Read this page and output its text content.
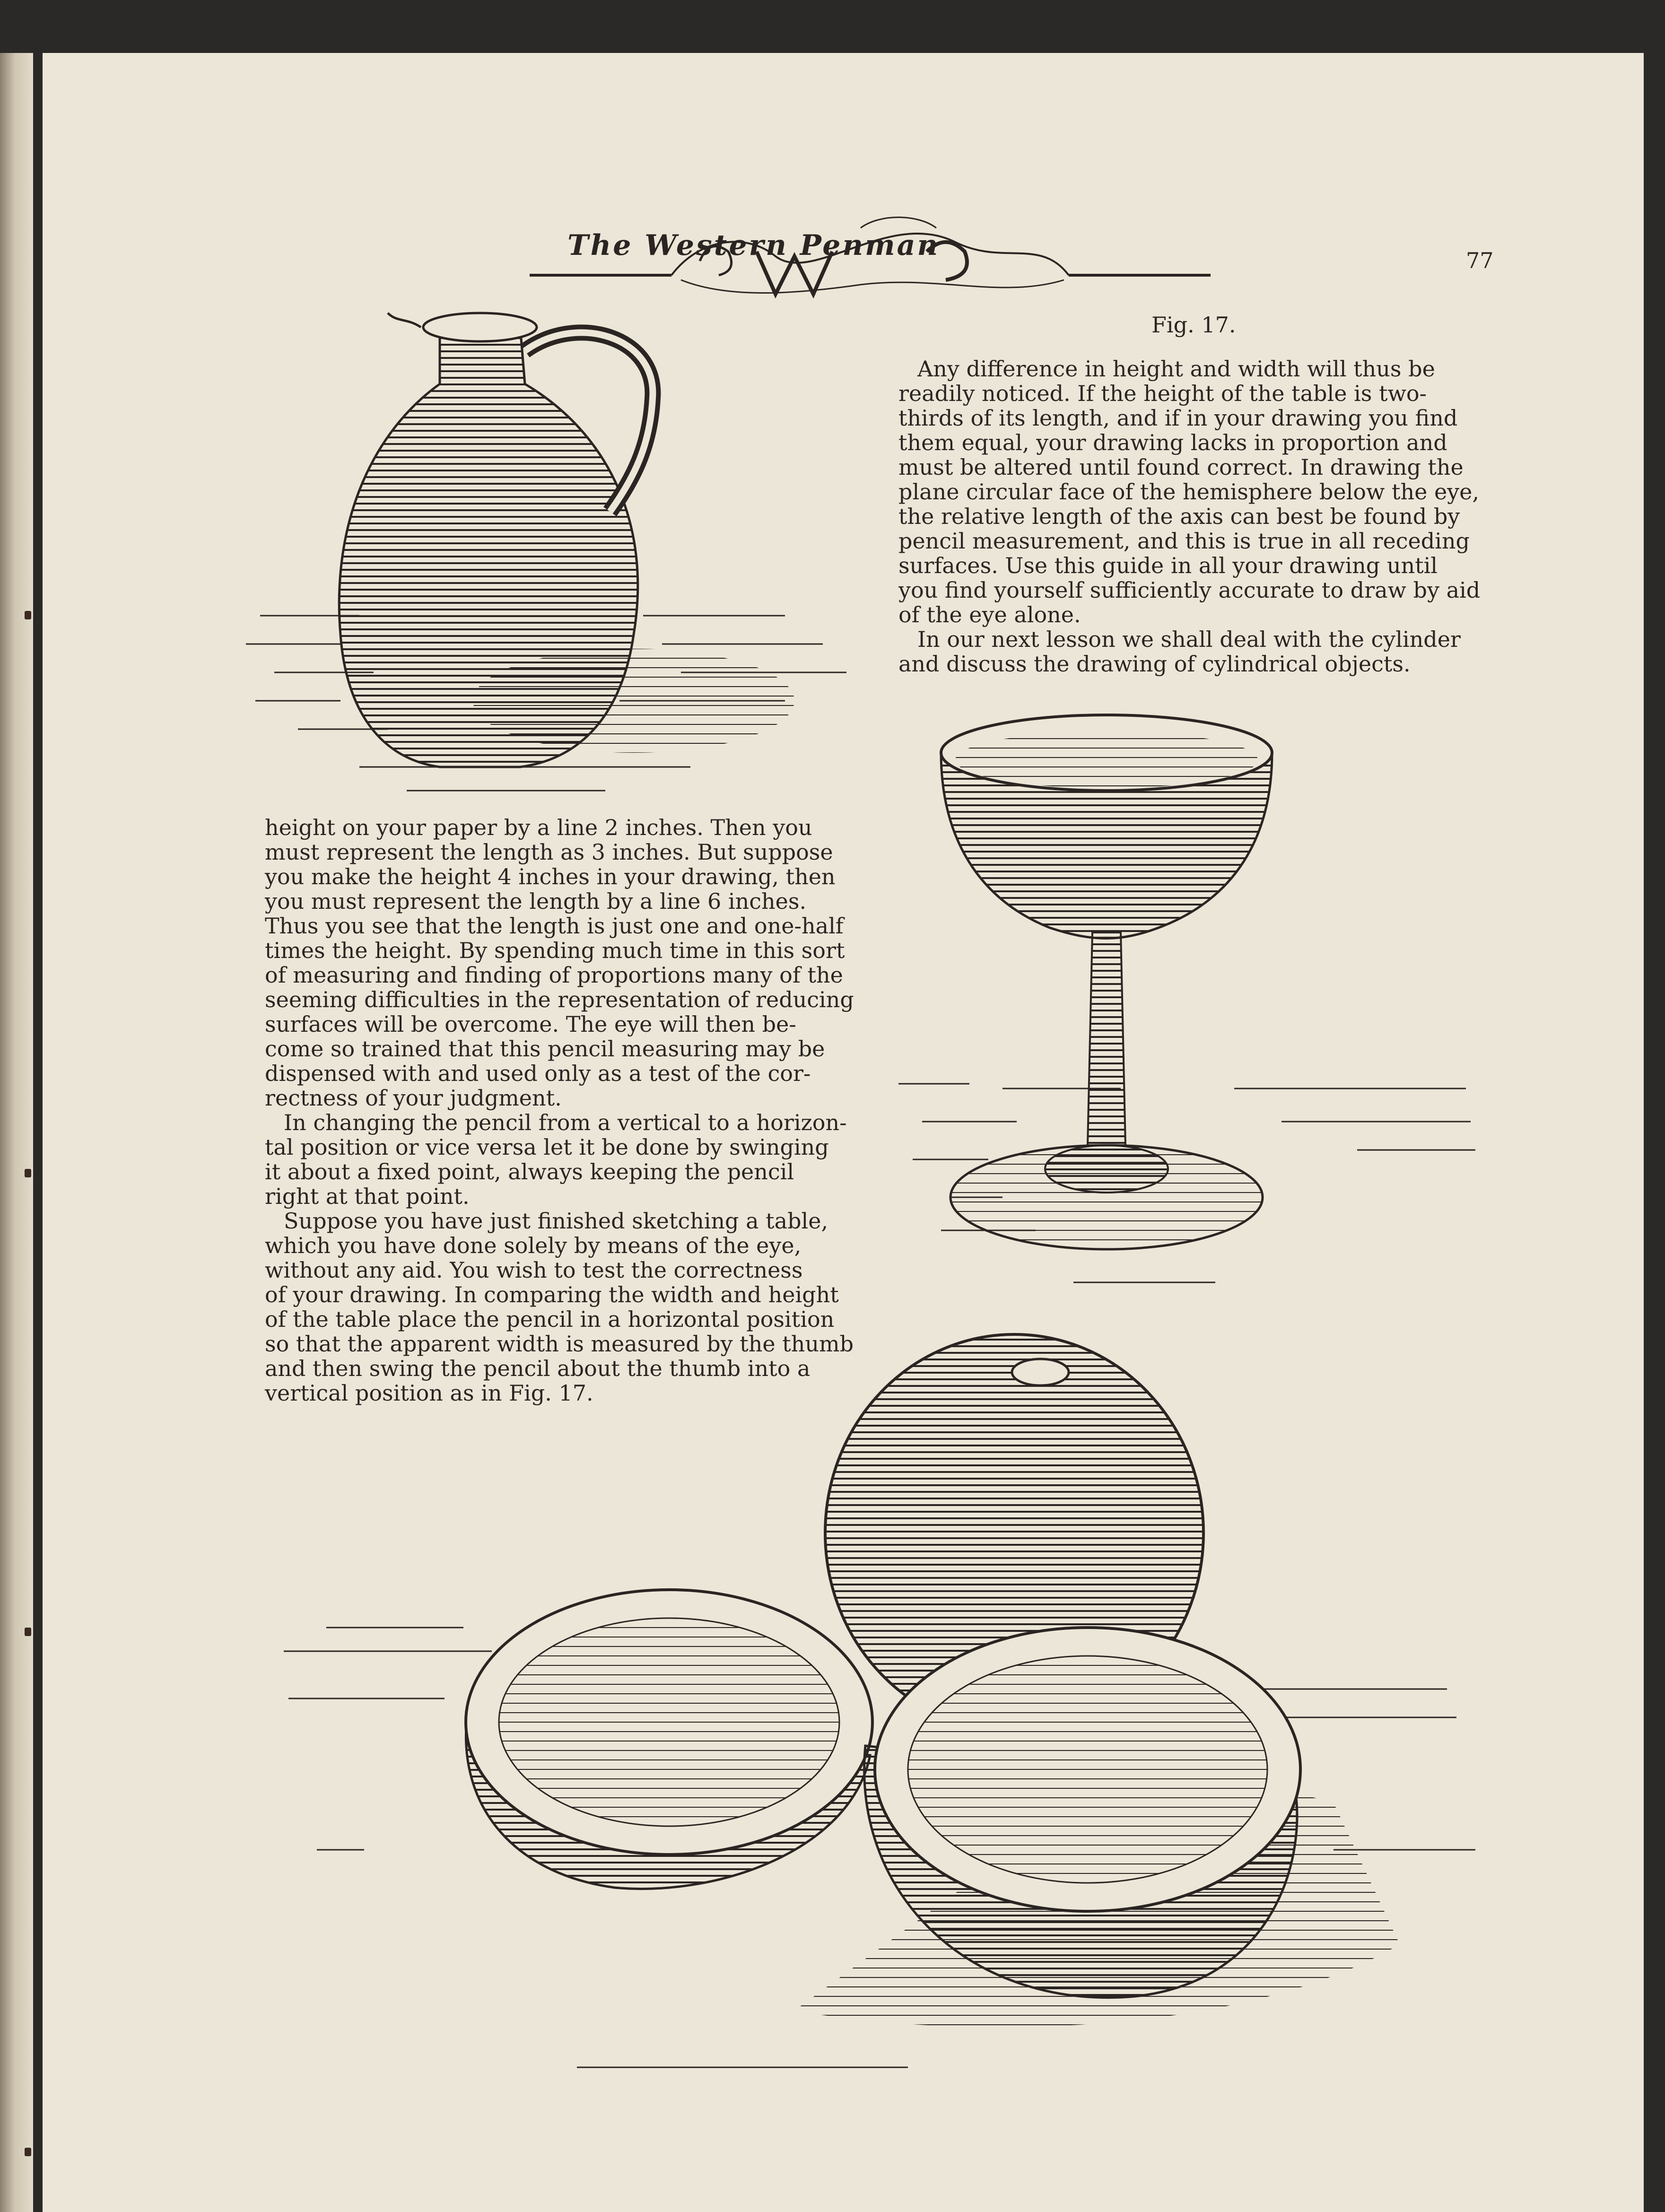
The Western Penman	77
Fig. 17.

Any difference in height and width will thus be

readily noticed. If the height of the table is two-

thirds of its length, and if in your drawing you find

them equal, your drawing lacks in proportion and

must be altered until found correct. In drawing the

plane circular face of the hemisphere below the eye,

the relative length of the axis can best be found by

pencil measurement, and this is true in all receding

surfaces. Use this guide in all your drawing until

you find yourself sufficiently accurate to draw by aid

of the eye alone.

In our next lesson we shall deal with the cylinder

and discuss the drawing of cylindrical objects.

height on your paper by a line 2 inches. Then you

must represent the length as 3 inches. But suppose

you make the height 4 inches in your drawing, then

you must represent the length by a line 6 inches.

Thus you see that the length is just one and one-half

times the height. By spending much time in this sort

of measuring and finding of proportions many of the

seeming difficulties in the representation of reducing

surfaces will be overcome. The eye will then be-

come so trained that this pencil measuring may be

dispensed with and used only as a test of the cor-

rectness of your judgment.

In changing the pencil from a vertical to a horizon-

tal position or vice versa let it be done by swinging

it about a fixed point, always keeping the pencil

right at that point.

Suppose you have just finished sketching a table,

which you have done solely by means of the eye,

without any aid. You wish to test the correctness

of your drawing. In comparing the width and height

of the table place the pencil in a horizontal position

so that the apparent width is measured by the thumb

and then swing the pencil about the thumb into a

vertical position as in Fig. 17.
